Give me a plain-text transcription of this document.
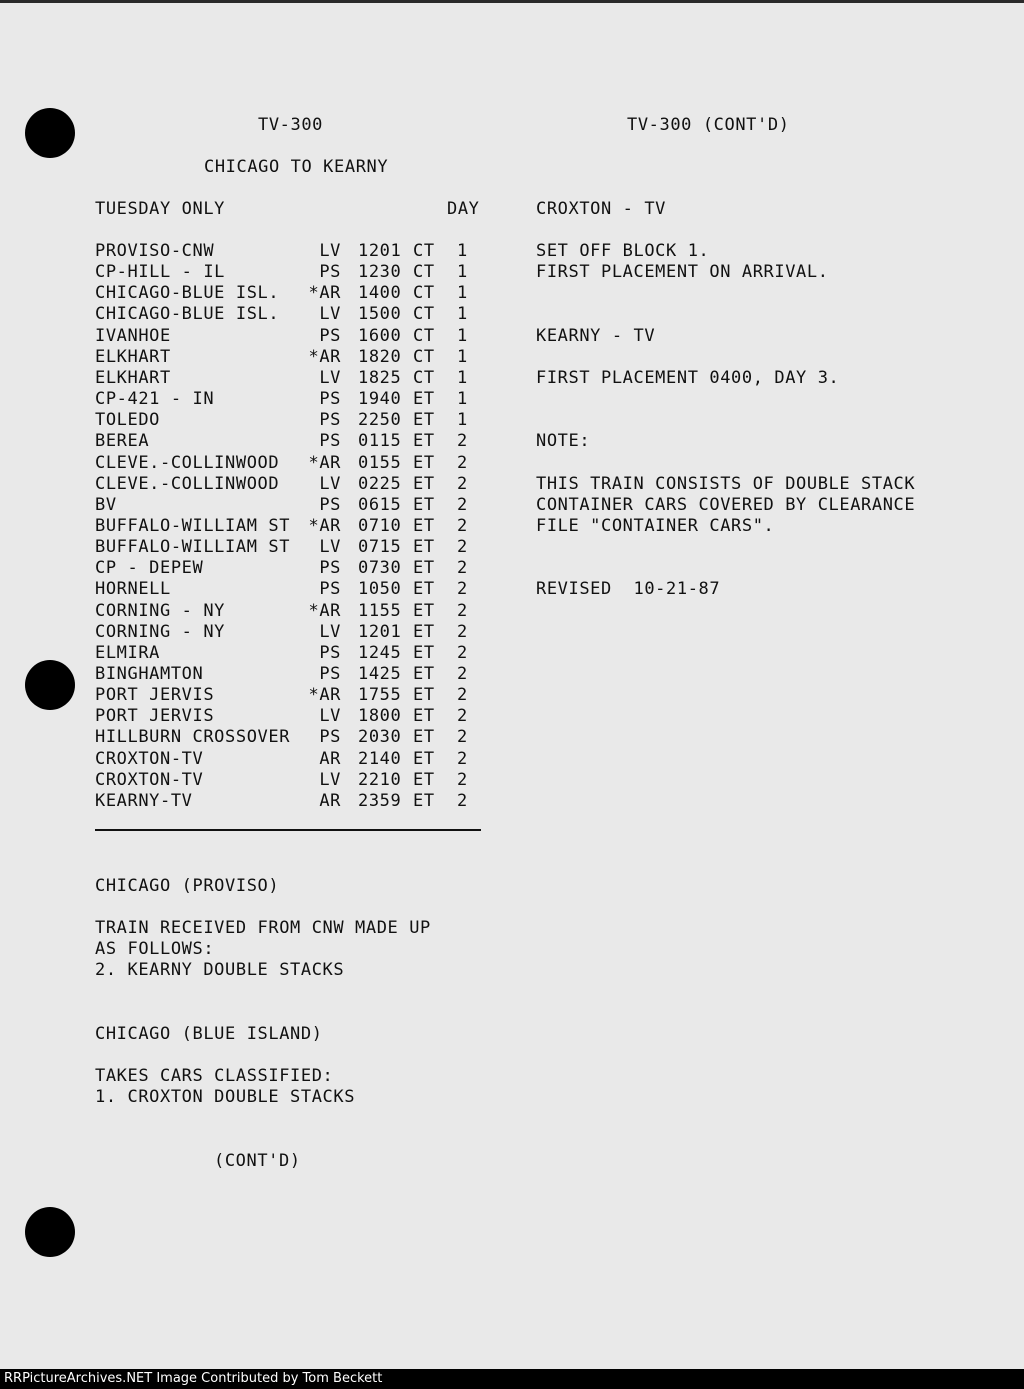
TV-300
CHICAGO TO KEARNY
TUESDAY ONLY	DAY
PROVISO-CNW	LV 1201 CT 1
CP-HILL - IL	PS 1230 CT 1
CHICAGO-BLUE ISL.	*AR 1400 CT 1
CHICAGO-BLUE ISL.	LV 1500 CT 1
IVANHOE	PS 1600 CT 1
ELKHART	*AR 1820 CT 1
ELKHART	LV 1825 CT 1
CP-421 - IN	PS 1940 ET 1
TOLEDO	PS 2250 ET 1
BEREA	PS 0115 ET 2
CLEVE.-COLLINWOOD	*AR 0155 ET 2
CLEVE.-COLLINWOOD	LV 0225 ET 2
BV	PS 0615 ET 2
BUFFALO-WILLIAM ST	*AR 0710 ET 2
BUFFALO-WILLIAM ST	LV 0715 ET 2
CP - DEPEW	PS 0730 ET 2
HORNELL	PS 1050 ET 2
CORNING - NY	*AR 1155 ET 2
CORNING - NY	LV 1201 ET 2
ELMIRA	PS 1245 ET 2
BINGHAMTON	PS 1425 ET 2
PORT JERVIS	*AR 1755 ET 2
PORT JERVIS	LV 1800 ET 2
HILLBURN CROSSOVER	PS 2030 ET 2
CROXTON-TV	AR 2140 ET 2
CROXTON-TV	LV 2210 ET 2
KEARNY-TV	AR 2359 ET 2
CHICAGO (PROVISO)
TRAIN RECEIVED FROM CNW MADE UP
AS FOLLOWS:
2. KEARNY DOUBLE STACKS
CHICAGO (BLUE ISLAND)
TAKES CARS CLASSIFIED:
1. CROXTON DOUBLE STACKS
(CONT'D)
TV-300 (CONT'D)
CROXTON - TV
SET OFF BLOCK 1.
FIRST PLACEMENT ON ARRIVAL.
KEARNY - TV
FIRST PLACEMENT 0400, DAY 3.
NOTE:
THIS TRAIN CONSISTS OF DOUBLE STACK
CONTAINER CARS COVERED BY CLEARANCE
FILE "CONTAINER CARS".
REVISED  10-21-87
RRPictureArchives.NET Image Contributed by Tom Beckett
